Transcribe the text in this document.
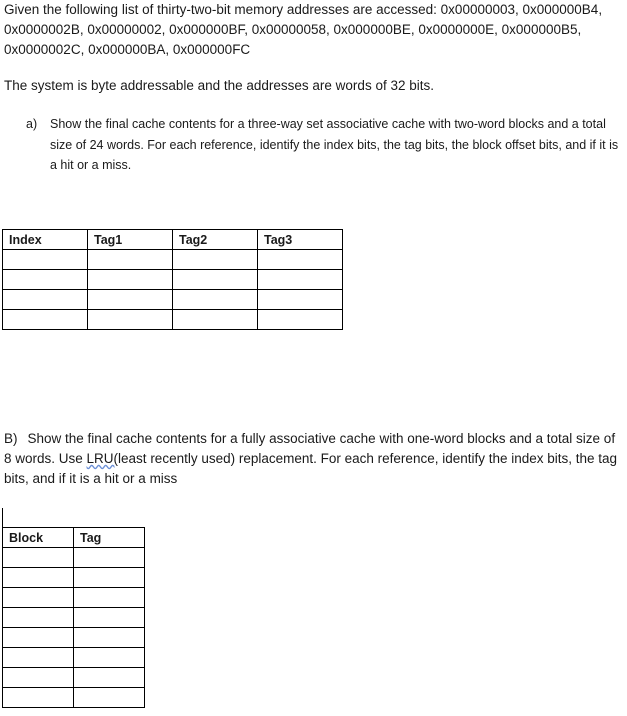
Given the following list of thirty-two-bit memory addresses are accessed: 0x00000003, 0x000000B4, 0x0000002B, 0x00000002, 0x000000BF, 0x00000058, 0x000000BE, 0x0000000E, 0x000000B5, 0x0000002C, 0x000000BA, 0x000000FC

The system is byte addressable and the addresses are words of 32 bits.

a) Show the final cache contents for a three-way set associative cache with two-word blocks and a total size of 24 words. For each reference, identify the index bits, the tag bits, the block offset bits, and if it is a hit or a miss.
Index	Tag1	Tag2	Tag3

B) Show the final cache contents for a fully associative cache with one-word blocks and a total size of 8 words. Use LRU(least recently used) replacement. For each reference, identify the index bits, the tag bits, and if it is a hit or a miss

Block	Tag
